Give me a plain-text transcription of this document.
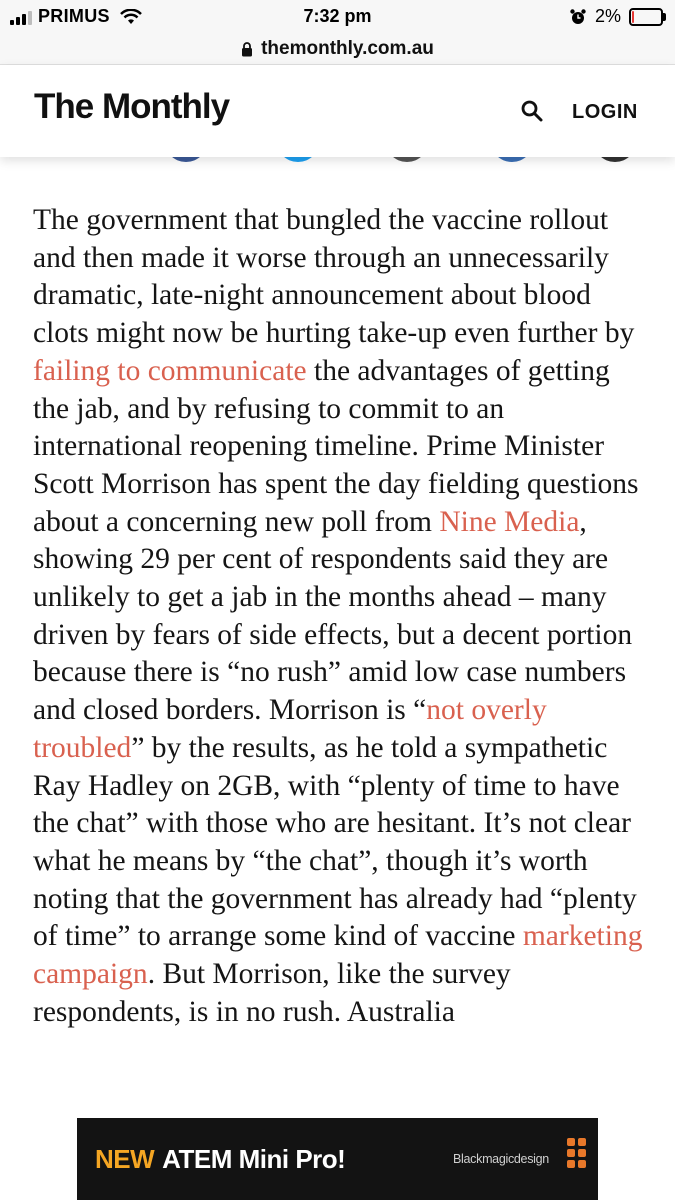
PRIMUS	7:32 pm	2%
themonthly.com.au
The Monthly	LOGIN

The government that bungled the vaccine rollout and then made it worse through an unnecessarily dramatic, late-night announcement about blood clots might now be hurting take-up even further by failing to communicate the advantages of getting the jab, and by refusing to commit to an international reopening timeline. Prime Minister Scott Morrison has spent the day fielding questions about a concerning new poll from Nine Media, showing 29 per cent of respondents said they are unlikely to get a jab in the months ahead – many driven by fears of side effects, but a decent portion because there is “no rush” amid low case numbers and closed borders. Morrison is “not overly troubled” by the results, as he told a sympathetic Ray Hadley on 2GB, with “plenty of time to have the chat” with those who are hesitant. It’s not clear what he means by “the chat”, though it’s worth noting that the government has already had “plenty of time” to arrange some kind of vaccine marketing campaign. But Morrison, like the survey respondents, is in no rush. Australia

NEW ATEM Mini Pro!	Blackmagicdesign
